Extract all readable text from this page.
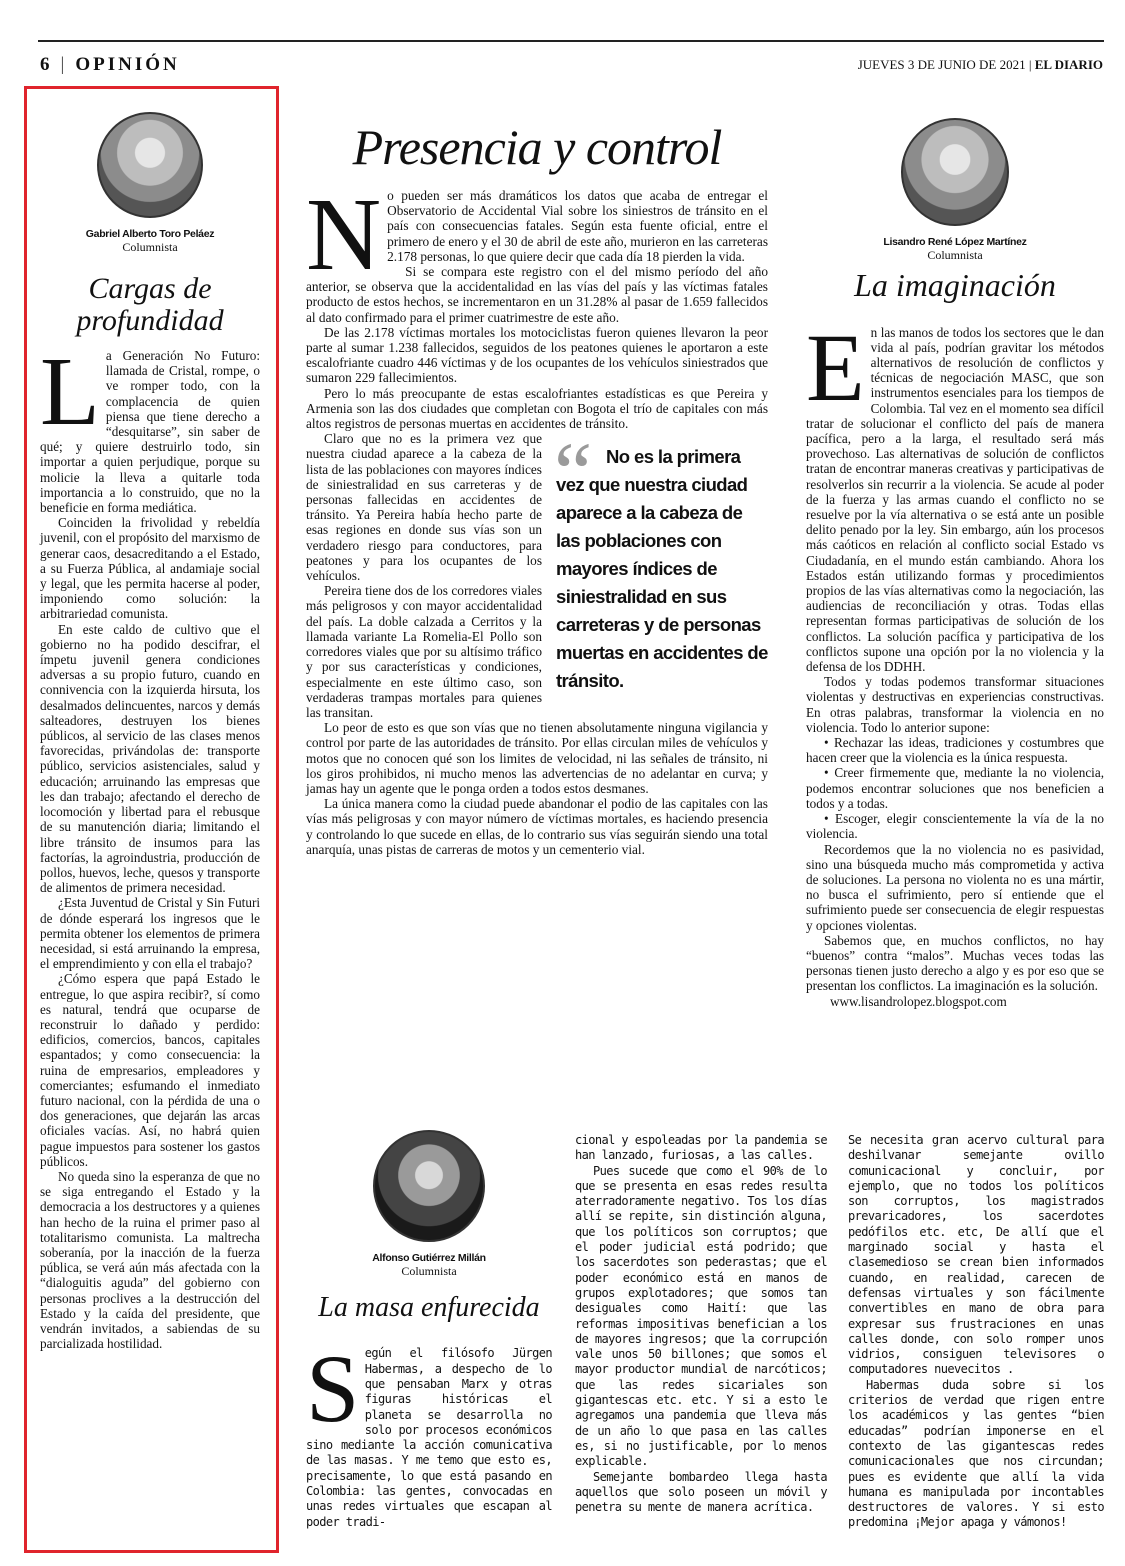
6 | OPINIÓN	JUEVES 3 DE JUNIO DE 2021 | EL DIARIO
Gabriel Alberto Toro Peláez
Columnista
Cargas de profundidad
L a Generación No Futuro: llamada de Cristal, rompe, o ve romper todo, con la complacencia de quien piensa que tiene derecho a “desquitarse”, sin saber de qué; y quiere destruirlo todo, sin importar a quien perjudique, porque su molicie la lleva a quitarle toda importancia a lo construido, que no la beneficie en forma mediática.

Coinciden la frivolidad y rebeldía juvenil, con el propósito del marxismo de generar caos, desacreditando a el Estado, a su Fuerza Pública, al andamiaje social y legal, que les permita hacerse al poder, imponiendo como solución: la arbitrariedad comunista.

En este caldo de cultivo que el gobierno no ha podido descifrar, el ímpetu juvenil genera condiciones adversas a su propio futuro, cuando en connivencia con la izquierda hirsuta, los desalmados delincuentes, narcos y demás salteadores, destruyen los bienes públicos, al servicio de las clases menos favorecidas, privándolas de: transporte público, servicios asistenciales, salud y educación; arruinando las empresas que les dan trabajo; afectando el derecho de locomoción y libertad para el rebusque de su manutención diaria; limitando el libre tránsito de insumos para las factorías, la agroindustria, producción de pollos, huevos, leche, quesos y transporte de alimentos de primera necesidad.

¿Esta Juventud de Cristal y Sin Futuri de dónde esperará los ingresos que le permita obtener los elementos de primera necesidad, si está arruinando la empresa, el emprendimiento y con ella el trabajo?

¿Cómo espera que papá Estado le entregue, lo que aspira recibir?, sí como es natural, tendrá que ocuparse de reconstruir lo dañado y perdido: edificios, comercios, bancos, capitales espantados; y como consecuencia: la ruina de empresarios, empleadores y comerciantes; esfumando el inmediato futuro nacional, con la pérdida de una o dos generaciones, que dejarán las arcas oficiales vacías. Así, no habrá quien pague impuestos para sostener los gastos públicos.

No queda sino la esperanza de que no se siga entregando el Estado y la democracia a los destructores y a quienes han hecho de la ruina el primer paso al totalitarismo comunista. La maltrecha soberanía, por la inacción de la fuerza pública, se verá aún más afectada con la “dialoguitis aguda” del gobierno con personas proclives a la destrucción del Estado y la caída del presidente, que vendrán invitados, a sabiendas de su parcializada hostilidad.

Presencia y control
N o pueden ser más dramáticos los datos que acaba de entregar el Observatorio de Accidental Vial sobre los siniestros de tránsito en el país con consecuencias fatales. Según esta fuente oficial, entre el primero de enero y el 30 de abril de este año, murieron en las carreteras 2.178 personas, lo que quiere decir que cada día 18 pierden la vida.

Si se compara este registro con el del mismo período del año anterior, se observa que la accidentalidad en las vías del país y las víctimas fatales producto de estos hechos, se incrementaron en un 31.28% al pasar de 1.659 fallecidos al dato confirmado para el primer cuatrimestre de este año.

De las 2.178 víctimas mortales los motociclistas fueron quienes llevaron la peor parte al sumar 1.238 fallecidos, seguidos de los peatones quienes le aportaron a este escalofriante cuadro 446 víctimas y de los ocupantes de los vehículos siniestrados que sumaron 229 fallecimientos.

Pero lo más preocupante de estas escalofriantes estadísticas es que Pereira y Armenia son las dos ciudades que completan con Bogota el trío de capitales con más altos registros de personas muertas en accidentes de tránsito.

“ No es la primera vez que nuestra ciudad aparece a la cabeza de las poblaciones con mayores índices de siniestralidad en sus carreteras y de personas muertas en accidentes de tránsito.

Claro que no es la primera vez que nuestra ciudad aparece a la cabeza de la lista de las poblaciones con mayores índices de siniestralidad en sus carreteras y de personas fallecidas en accidentes de tránsito. Ya Pereira había hecho parte de esas regiones en donde sus vías son un verdadero riesgo para conductores, para peatones y para los ocupantes de los vehículos.

Pereira tiene dos de los corredores viales más peligrosos y con mayor accidentalidad del país. La doble calzada a Cerritos y la llamada variante La Romelia-El Pollo son corredores viales que por su altísimo tráfico y por sus características y condiciones, especialmente en este último caso, son verdaderas trampas mortales para quienes las transitan.

Lo peor de esto es que son vías que no tienen absolutamente ninguna vigilancia y control por parte de las autoridades de tránsito. Por ellas circulan miles de vehículos y motos que no conocen qué son los limites de velocidad, ni las señales de tránsito, ni los giros prohibidos, ni mucho menos las advertencias de no adelantar en curva; y jamas hay un agente que le ponga orden a todos estos desmanes.

La única manera como la ciudad puede abandonar el podio de las capitales con las vías más peligrosas y con mayor número de víctimas mortales, es haciendo presencia y controlando lo que sucede en ellas, de lo contrario sus vías seguirán siendo una total anarquía, unas pistas de carreras de motos y un cementerio vial.

Lisandro René López Martínez
Columnista
La imaginación
E n las manos de todos los sectores que le dan vida al país, podrían gravitar los métodos alternativos de resolución de conflictos y técnicas de negociación MASC, que son instrumentos esenciales para los tiempos de Colombia. Tal vez en el momento sea difícil tratar de solucionar el conflicto del país de manera pacífica, pero a la larga, el resultado será más provechoso. Las alternativas de solución de conflictos tratan de encontrar maneras creativas y participativas de resolverlos sin recurrir a la violencia. Se acude al poder de la fuerza y las armas cuando el conflicto no se resuelve por la vía alternativa o se está ante un posible delito penado por la ley. Sin embargo, aún los procesos más caóticos en relación al conflicto social Estado vs Ciudadanía, en el mundo están cambiando. Ahora los Estados están utilizando formas y procedimientos propios de las vías alternativas como la negociación, las audiencias de reconciliación y otras. Todas ellas representan formas participativas de solución de los conflictos. La solución pacífica y participativa de los conflictos supone una opción por la no violencia y la defensa de los DDHH.

Todos y todas podemos transformar situaciones violentas y destructivas en experiencias constructivas. En otras palabras, transformar la violencia en no violencia. Todo lo anterior supone:

• Rechazar las ideas, tradiciones y costumbres que hacen creer que la violencia es la única respuesta.

• Creer firmemente que, mediante la no violencia, podemos encontrar soluciones que nos beneficien a todos y a todas.

• Escoger, elegir conscientemente la vía de la no violencia.

Recordemos que la no violencia no es pasividad, sino una búsqueda mucho más comprometida y activa de soluciones. La persona no violenta no es una mártir, no busca el sufrimiento, pero sí entiende que el sufrimiento puede ser consecuencia de elegir respuestas y opciones violentas.

Sabemos que, en muchos conflictos, no hay “buenos” contra “malos”. Muchas veces todas las personas tienen justo derecho a algo y es por eso que se presentan los conflictos. La imaginación es la solución.

www.lisandrolopez.blogspot.com
Alfonso Gutiérrez Millán
Columnista
La masa enfurecida
S egún el filósofo Jürgen Habermas, a despecho de lo que pensaban Marx y otras figuras históricas el planeta se desarrolla no solo por procesos económicos sino mediante la acción comunicativa de las masas. Y me temo que esto es, precisamente, lo que está pasando en Colombia: las gentes, convocadas en unas redes virtuales que escapan al poder tradi-

cional y espoleadas por la pandemia se han lanzado, furiosas, a las calles.

Pues sucede que como el 90% de lo que se presenta en esas redes resulta aterradoramente negativo. Tos los días allí se repite, sin distinción alguna, que los políticos son corruptos; que el poder judicial está podrido; que los sacerdotes son pederastas; que el poder económico está en manos de grupos explotadores; que somos tan desiguales como Haití: que las reformas impositivas benefician a los de mayores ingresos; que la corrupción vale unos 50 billones; que somos el mayor productor mundial de narcóticos; que las redes sicariales son gigantescas etc. etc. Y si a esto le agregamos una pandemia que lleva más de un año lo que pasa en las calles es, si no justificable, por lo menos explicable.

Semejante bombardeo llega hasta aquellos que solo poseen un móvil y penetra su mente de manera acrítica.

Se necesita gran acervo cultural para deshilvanar semejante ovillo comunicacional y concluir, por ejemplo, que no todos los políticos son corruptos, los magistrados prevaricadores, los sacerdotes pedófilos etc. etc, De allí que el marginado social y hasta el clasemedioso se crean bien informados cuando, en realidad, carecen de defensas virtuales y son fácilmente convertibles en mano de obra para expresar sus frustraciones en unas calles donde, con solo romper unos vidrios, consiguen televisores o computadores nuevecitos .

Habermas duda sobre si los criterios de verdad que rigen entre los académicos y las gentes “bien educadas” podrían imponerse en el contexto de las gigantescas redes comunicacionales que nos circundan; pues es evidente que allí la vida humana es manipulada por incontables destructores de valores. Y si esto predomina ¡Mejor apaga y vámonos!
